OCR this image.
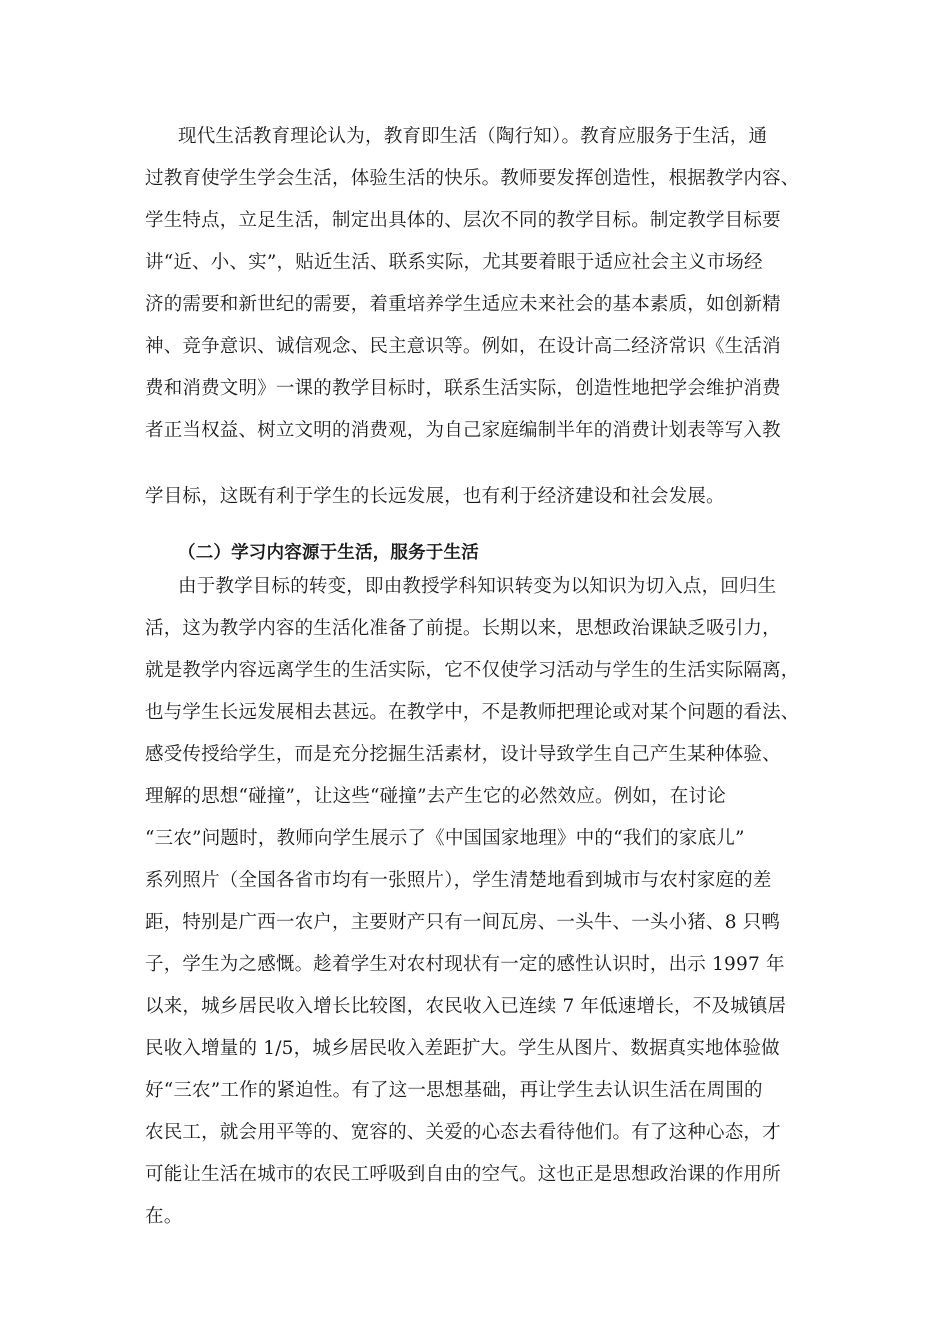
现代生活教育理论认为，教育即生活（陶行知）。教育应服务于生活，通
过教育使学生学会生活，体验生活的快乐。教师要发挥创造性，根据教学内容、
学生特点，立足生活，制定出具体的、层次不同的教学目标。制定教学目标要
讲“近、小、实”，贴近生活、联系实际，尤其要着眼于适应社会主义市场经
济的需要和新世纪的需要，着重培养学生适应未来社会的基本素质，如创新精
神、竞争意识、诚信观念、民主意识等。例如，在设计高二经济常识《生活消
费和消费文明》一课的教学目标时，联系生活实际，创造性地把学会维护消费
者正当权益、树立文明的消费观，为自己家庭编制半年的消费计划表等写入教
学目标，这既有利于学生的长远发展，也有利于经济建设和社会发展。
（二）学习内容源于生活，服务于生活
由于教学目标的转变，即由教授学科知识转变为以知识为切入点，回归生
活，这为教学内容的生活化准备了前提。长期以来，思想政治课缺乏吸引力，
就是教学内容远离学生的生活实际，它不仅使学习活动与学生的生活实际隔离，
也与学生长远发展相去甚远。在教学中，不是教师把理论或对某个问题的看法、
感受传授给学生，而是充分挖掘生活素材，设计导致学生自己产生某种体验、
理解的思想“碰撞”，让这些“碰撞”去产生它的必然效应。例如，在讨论
“三农”问题时，教师向学生展示了《中国国家地理》中的“我们的家底儿”
系列照片（全国各省市均有一张照片），学生清楚地看到城市与农村家庭的差
距，特别是广西一农户，主要财产只有一间瓦房、一头牛、一头小猪、8 只鸭
子，学生为之感慨。趁着学生对农村现状有一定的感性认识时，出示 1997 年
以来，城乡居民收入增长比较图，农民收入已连续 7 年低速增长，不及城镇居
民收入增量的 1/5，城乡居民收入差距扩大。学生从图片、数据真实地体验做
好“三农”工作的紧迫性。有了这一思想基础，再让学生去认识生活在周围的
农民工，就会用平等的、宽容的、关爱的心态去看待他们。有了这种心态，才
可能让生活在城市的农民工呼吸到自由的空气。这也正是思想政治课的作用所
在。
